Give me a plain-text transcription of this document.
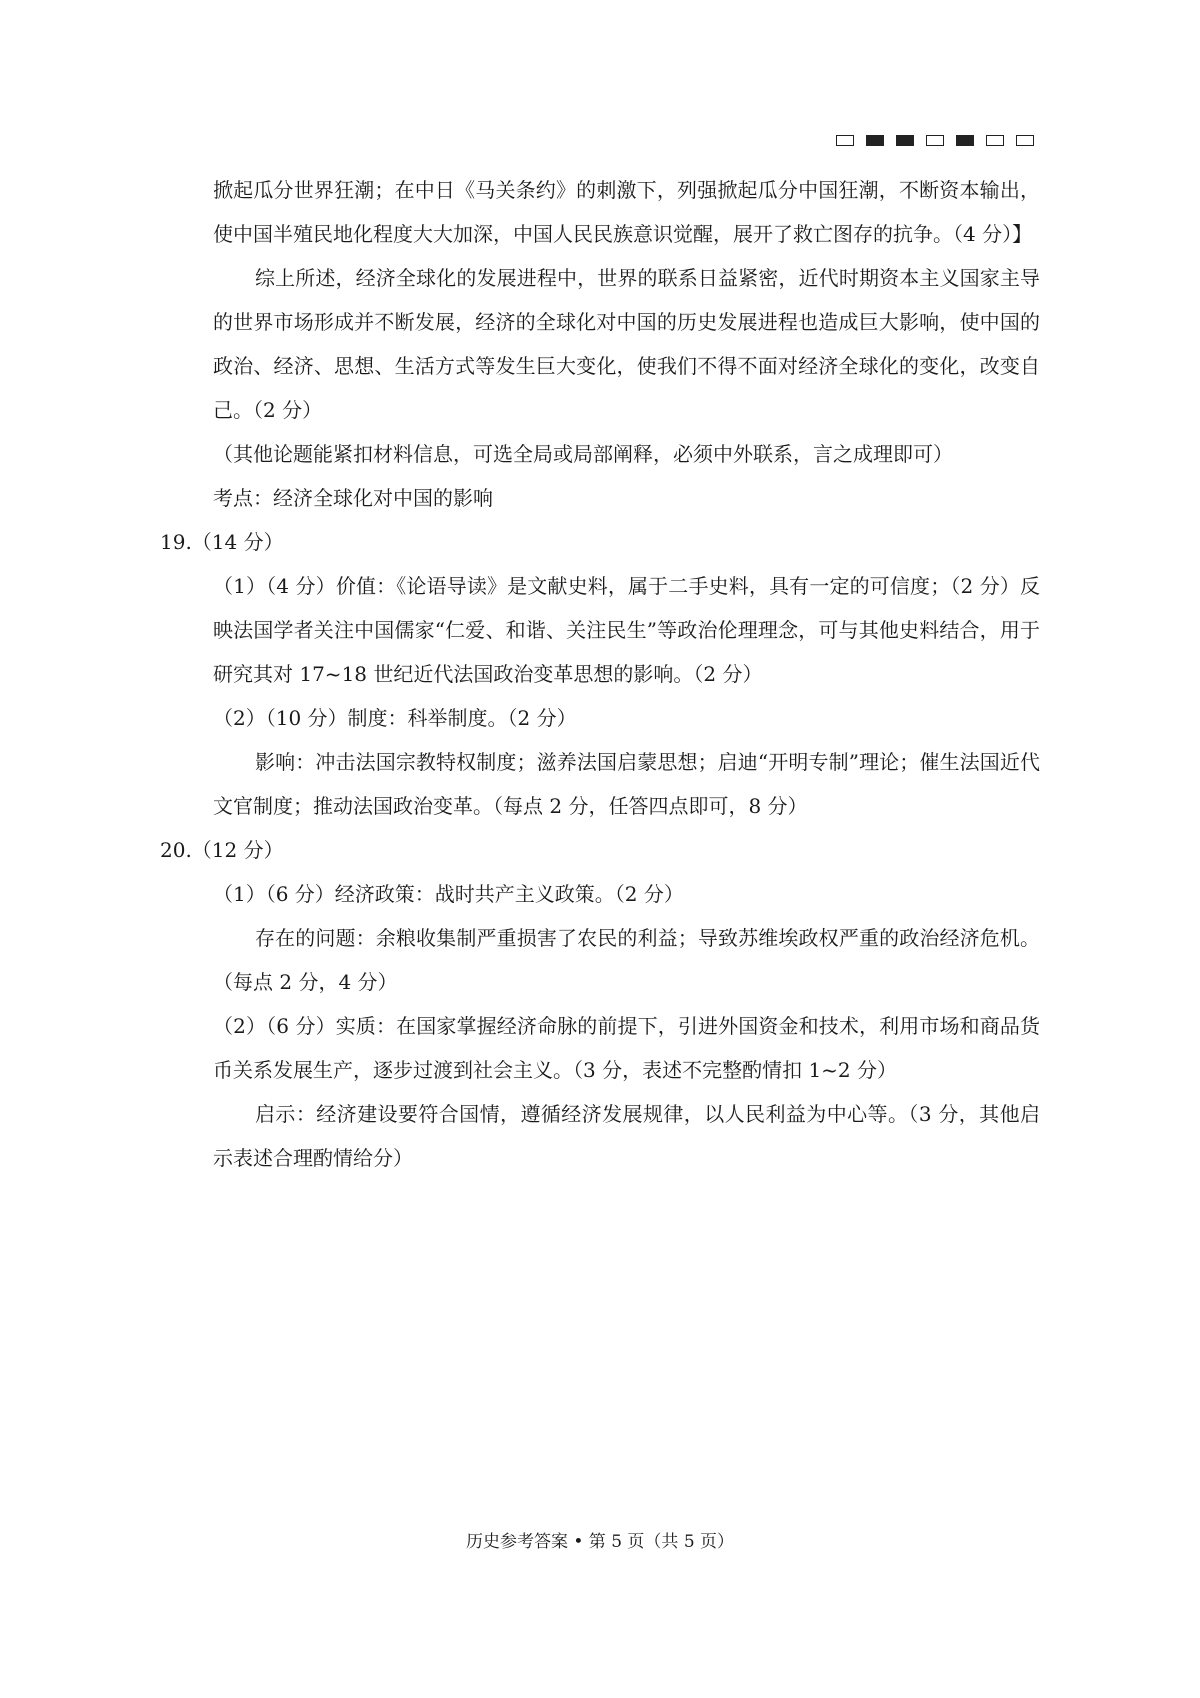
掀起瓜分世界狂潮；在中日《马关条约》的刺激下，列强掀起瓜分中国狂潮，不断资本输出，使中国半殖民地化程度大大加深，中国人民民族意识觉醒，展开了救亡图存的抗争。（4 分）】

综上所述，经济全球化的发展进程中，世界的联系日益紧密，近代时期资本主义国家主导的世界市场形成并不断发展，经济的全球化对中国的历史发展进程也造成巨大影响，使中国的政治、经济、思想、生活方式等发生巨大变化，使我们不得不面对经济全球化的变化，改变自己。（2 分）

（其他论题能紧扣材料信息，可选全局或局部阐释，必须中外联系，言之成理即可）

考点：经济全球化对中国的影响

19.（14 分）

（1）（4 分）价值：《论语导读》是文献史料，属于二手史料，具有一定的可信度；（2 分）反映法国学者关注中国儒家“仁爱、和谐、关注民生”等政治伦理理念，可与其他史料结合，用于研究其对 17~18 世纪近代法国政治变革思想的影响。（2 分）

（2）（10 分）制度：科举制度。（2 分）

影响：冲击法国宗教特权制度；滋养法国启蒙思想；启迪“开明专制”理论；催生法国近代文官制度；推动法国政治变革。（每点 2 分，任答四点即可，8 分）

20.（12 分）

（1）（6 分）经济政策：战时共产主义政策。（2 分）

存在的问题：余粮收集制严重损害了农民的利益；导致苏维埃政权严重的政治经济危机。（每点 2 分，4 分）

（2）（6 分）实质：在国家掌握经济命脉的前提下，引进外国资金和技术，利用市场和商品货币关系发展生产，逐步过渡到社会主义。（3 分，表述不完整酌情扣 1~2 分）

启示：经济建设要符合国情，遵循经济发展规律，以人民利益为中心等。（3 分，其他启示表述合理酌情给分）

历史参考答案 • 第 5 页（共 5 页）
